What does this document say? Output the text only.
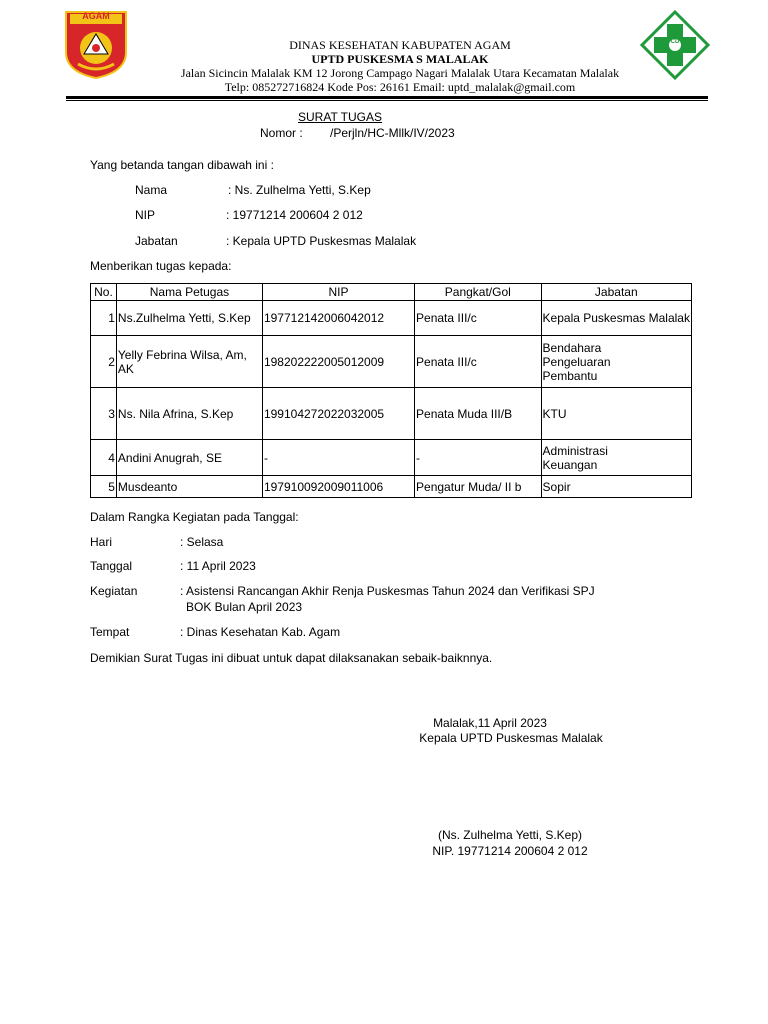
AGAM
CD
DINAS KESEHATAN KABUPATEN AGAM
UPTD PUSKESMA S MALALAK
Jalan Sicincin Malalak KM 12 Jorong Campago Nagari Malalak Utara Kecamatan Malalak
Telp: 085272716824 Kode Pos: 26161 Email: uptd_malalak@gmail.com
SURAT TUGAS
Nomor : /Perjln/HC-Mllk/IV/2023
Yang betanda tangan dibawah ini :
Nama	: Ns. Zulhelma Yetti, S.Kep
NIP	: 19771214 200604 2 012
Jabatan	: Kepala UPTD Puskesmas Malalak
Menberikan tugas kepada:
No.	Nama Petugas	NIP	Pangkat/Gol	Jabatan
1	Ns.Zulhelma Yetti, S.Kep	197712142006042012	Penata III/c	Kepala Puskesmas Malalak
2	Yelly Febrina Wilsa, Am, AK	198202222005012009	Penata III/c	Bendahara Pengeluaran Pembantu
3	Ns. Nila Afrina, S.Kep	199104272022032005	Penata Muda III/B	KTU
4	Andini Anugrah, SE	-	-	Administrasi Keuangan
5	Musdeanto	197910092009011006	Pengatur Muda/ II b	Sopir
Dalam Rangka Kegiatan pada Tanggal:
Hari	: Selasa
Tanggal	: 11 April 2023
Kegiatan	: Asistensi Rancangan Akhir Renja Puskesmas Tahun 2024 dan Verifikasi SPJ
BOK Bulan April 2023
Tempat	: Dinas Kesehatan Kab. Agam
Demikian Surat Tugas ini dibuat untuk dapat dilaksanakan sebaik-baiknnya.
Malalak,11 April 2023
Kepala UPTD Puskesmas Malalak
(Ns. Zulhelma Yetti, S.Kep)
NIP. 19771214 200604 2 012
